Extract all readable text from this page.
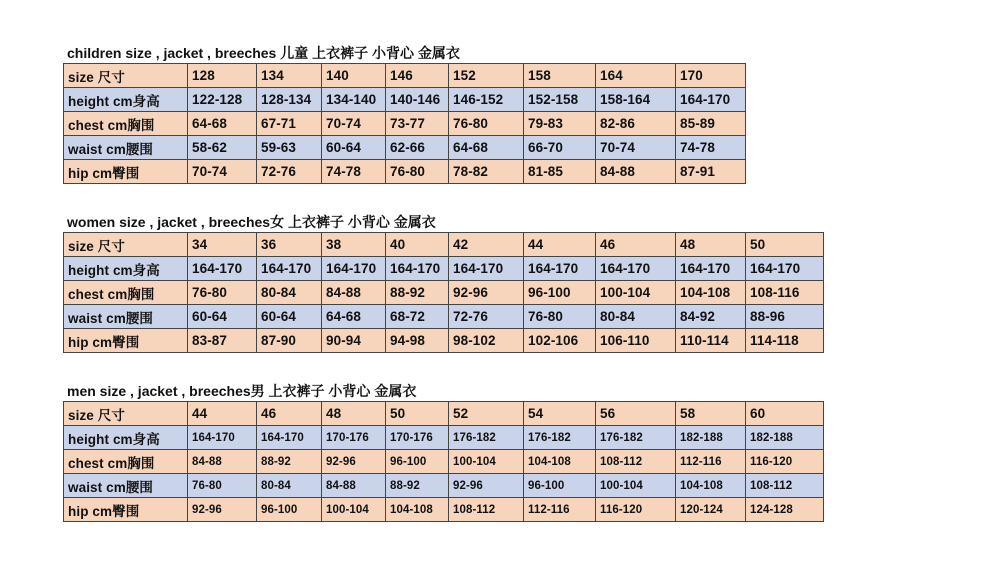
children size , jacket , breeches 儿童 上衣裤子 小背心 金属衣
size 尺寸	128	134	140	146	152	158	164	170
height cm身高	122-128	128-134	134-140	140-146	146-152	152-158	158-164	164-170
chest cm胸围	64-68	67-71	70-74	73-77	76-80	79-83	82-86	85-89
waist cm腰围	58-62	59-63	60-64	62-66	64-68	66-70	70-74	74-78
hip cm臀围	70-74	72-76	74-78	76-80	78-82	81-85	84-88	87-91
women size , jacket , breeches女 上衣裤子 小背心 金属衣
size 尺寸	34	36	38	40	42	44	46	48	50
height cm身高	164-170	164-170	164-170	164-170	164-170	164-170	164-170	164-170	164-170
chest cm胸围	76-80	80-84	84-88	88-92	92-96	96-100	100-104	104-108	108-116
waist cm腰围	60-64	60-64	64-68	68-72	72-76	76-80	80-84	84-92	88-96
hip cm臀围	83-87	87-90	90-94	94-98	98-102	102-106	106-110	110-114	114-118
men size , jacket , breeches男 上衣裤子 小背心 金属衣
size 尺寸	44	46	48	50	52	54	56	58	60
height cm身高	164-170	164-170	170-176	170-176	176-182	176-182	176-182	182-188	182-188
chest cm胸围	84-88	88-92	92-96	96-100	100-104	104-108	108-112	112-116	116-120
waist cm腰围	76-80	80-84	84-88	88-92	92-96	96-100	100-104	104-108	108-112
hip cm臀围	92-96	96-100	100-104	104-108	108-112	112-116	116-120	120-124	124-128
